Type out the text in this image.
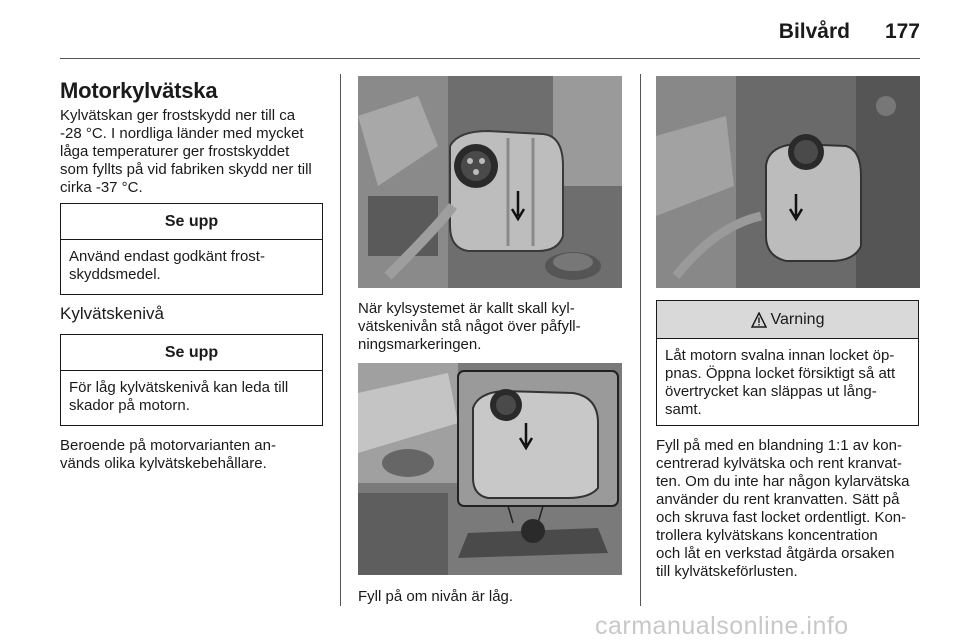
Bilvård	177
Motorkylvätska

Kylvätskan ger frostskydd ner till ca

-28 °C. I nordliga länder med mycket

låga temperaturer ger frostskyddet

som fyllts på vid fabriken skydd ner till

cirka -37 °C.

Se upp

Använd endast godkänt frost-

skyddsmedel.

Kylvätskenivå
Se upp

För låg kylvätskenivå kan leda till

skador på motorn.

Beroende på motorvarianten an-

vänds olika kylvätskebehållare.

När kylsystemet är kallt skall kyl-

vätskenivån stå något över påfyll-

ningsmarkeringen.

Fyll på om nivån är låg.
Varning

Låt motorn svalna innan locket öp-

pnas. Öppna locket försiktigt så att

övertrycket kan släppas ut lång-

samt.

Fyll på med en blandning 1:1 av kon-

centrerad kylvätska och rent kranvat-

ten. Om du inte har någon kylarvätska

använder du rent kranvatten. Sätt på

och skruva fast locket ordentligt. Kon-

trollera kylvätskans koncentration

och låt en verkstad åtgärda orsaken

till kylvätskeförlusten.

carmanualsonline.info
